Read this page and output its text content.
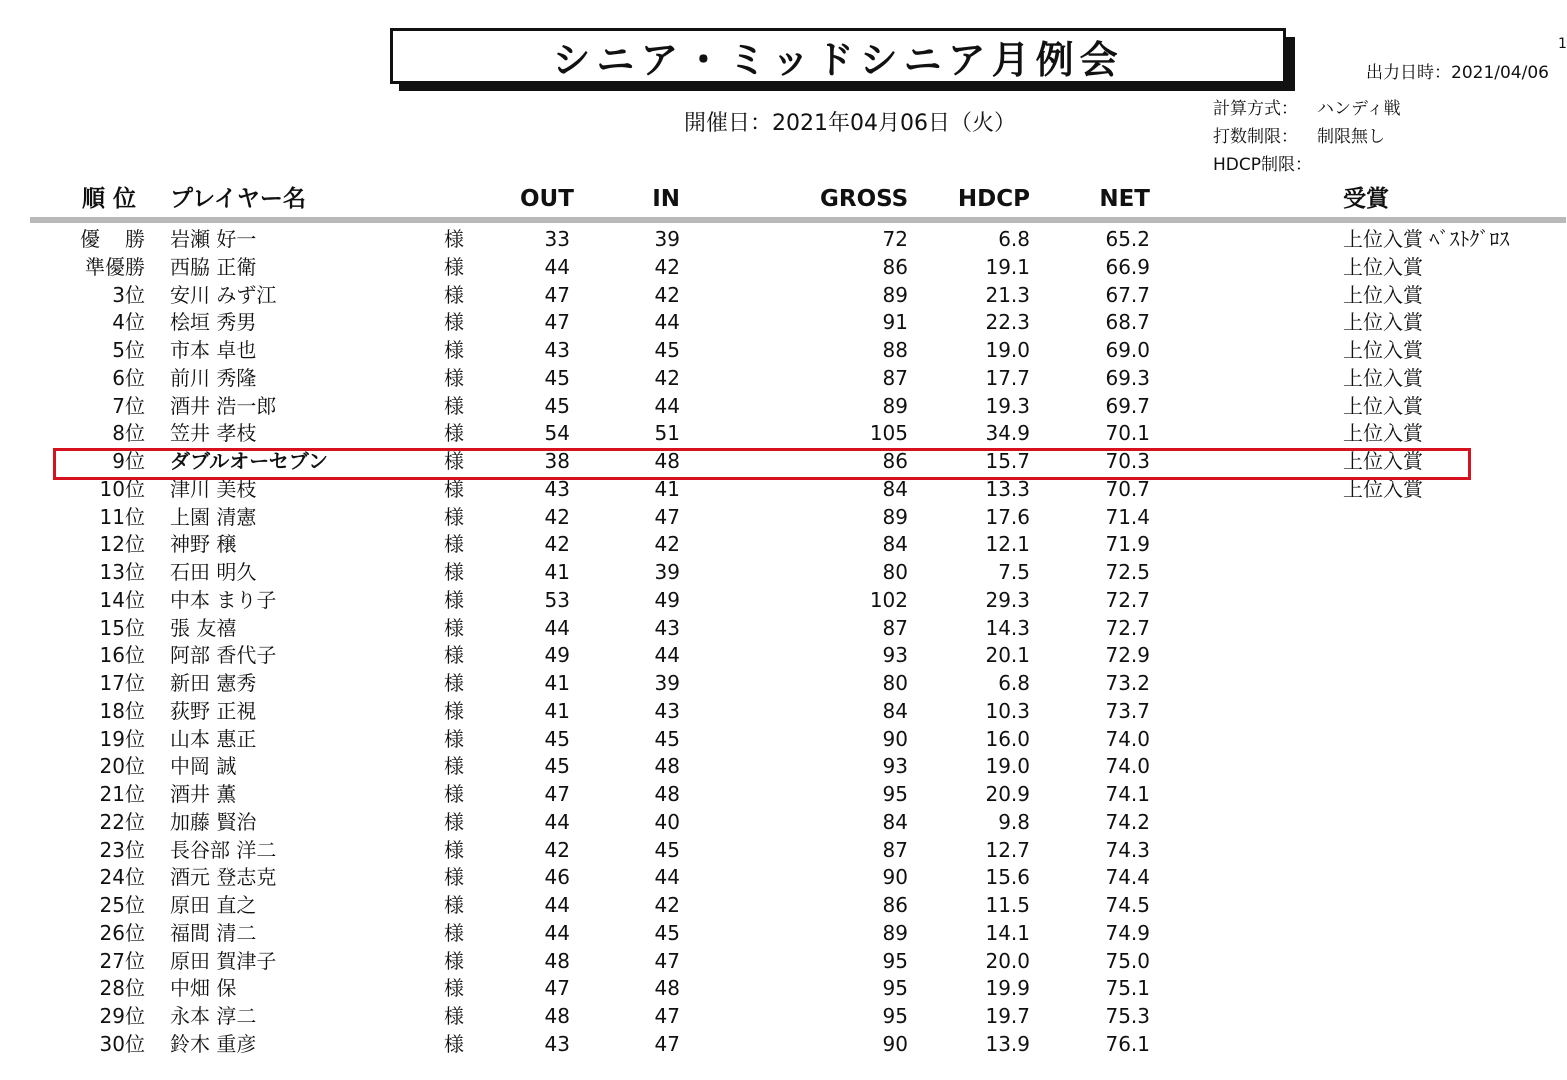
シニア・ミッドシニア月例会	1
出力日時：2021/04/06
開催日：2021年04月06日（火）
計算方式：	ハンディ戦
打数制限：	制限無し
HDCP制限：
順 位 プレイヤー名	OUT	IN	GROSS	HDCP	NET	受賞
優 勝 岩瀬 好一	様	33	39	72	6.8	65.2	上位入賞 ﾍﾞｽﾄｸﾞﾛｽ
準優勝 西脇 正衛	様	44	42	86	19.1	66.9	上位入賞
3位 安川 みず江	様	47	42	89	21.3	67.7	上位入賞
4位 桧垣 秀男	様	47	44	91	22.3	68.7	上位入賞
5位 市本 卓也	様	43	45	88	19.0	69.0	上位入賞
6位 前川 秀隆	様	45	42	87	17.7	69.3	上位入賞
7位 酒井 浩一郎	様	45	44	89	19.3	69.7	上位入賞
8位 笠井 孝枝	様	54	51	105	34.9	70.1	上位入賞
9位 ダブルオーセブン	様	38	48	86	15.7	70.3	上位入賞
10位 津川 美枝	様	43	41	84	13.3	70.7	上位入賞
11位 上園 清憲	様	42	47	89	17.6	71.4
12位 神野 穣	様	42	42	84	12.1	71.9
13位 石田 明久	様	41	39	80	7.5	72.5
14位 中本 まり子	様	53	49	102	29.3	72.7
15位 張 友禧	様	44	43	87	14.3	72.7
16位 阿部 香代子	様	49	44	93	20.1	72.9
17位 新田 憲秀	様	41	39	80	6.8	73.2
18位 荻野 正視	様	41	43	84	10.3	73.7
19位 山本 惠正	様	45	45	90	16.0	74.0
20位 中岡 誠	様	45	48	93	19.0	74.0
21位 酒井 薫	様	47	48	95	20.9	74.1
22位 加藤 賢治	様	44	40	84	9.8	74.2
23位 長谷部 洋二	様	42	45	87	12.7	74.3
24位 酒元 登志克	様	46	44	90	15.6	74.4
25位 原田 直之	様	44	42	86	11.5	74.5
26位 福間 清二	様	44	45	89	14.1	74.9
27位 原田 賀津子	様	48	47	95	20.0	75.0
28位 中畑 保	様	47	48	95	19.9	75.1
29位 永本 淳二	様	48	47	95	19.7	75.3
30位 鈴木 重彦	様	43	47	90	13.9	76.1
